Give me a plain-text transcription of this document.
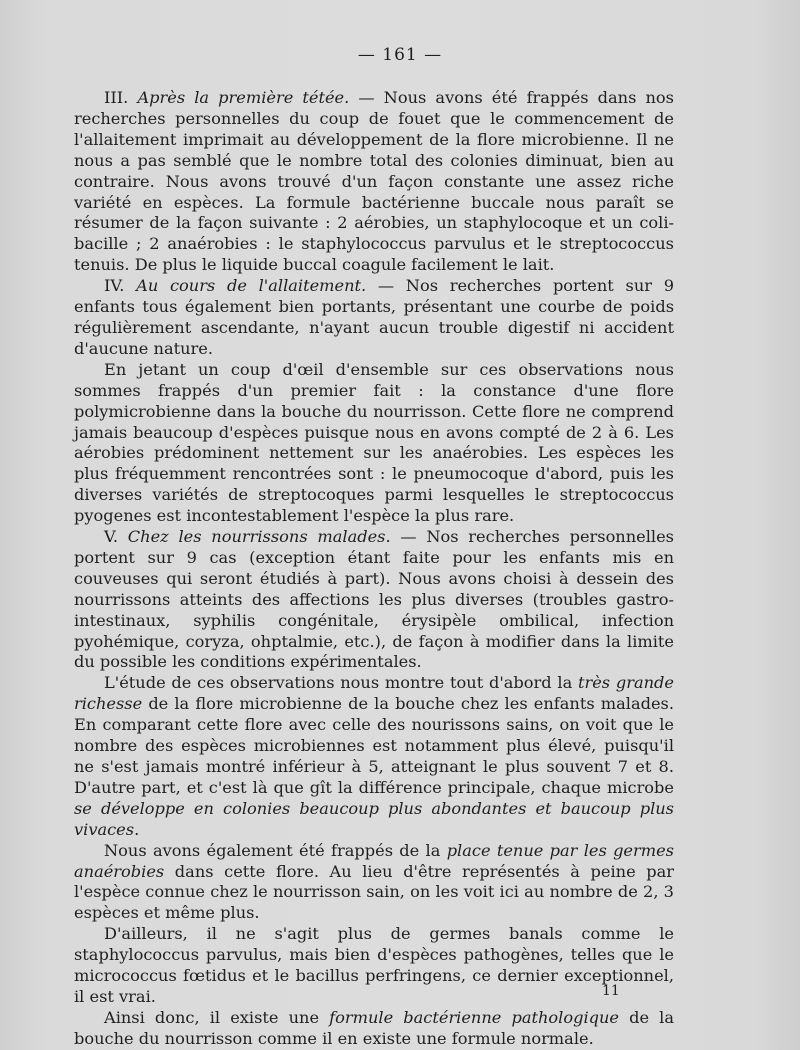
— 161 —

III. Après la première tétée. — Nous avons été frappés dans nos recherches personnelles du coup de fouet que le commencement de l'allaitement imprimait au développement de la flore microbienne. Il ne nous a pas semblé que le nombre total des colonies diminuat, bien au contraire. Nous avons trouvé d'un façon constante une assez riche variété en espèces. La formule bactérienne buccale nous paraît se résumer de la façon suivante : 2 aérobies, un staphylocoque et un coli-bacille ; 2 anaérobies : le staphylococcus parvulus et le streptococcus tenuis. De plus le liquide buccal coagule facilement le lait.

IV. Au cours de l'allaitement. — Nos recherches portent sur 9 enfants tous également bien portants, présentant une courbe de poids régulièrement ascendante, n'ayant aucun trouble digestif ni accident d'aucune nature.

En jetant un coup d'œil d'ensemble sur ces observations nous sommes frappés d'un premier fait : la constance d'une flore polymicrobienne dans la bouche du nourrisson. Cette flore ne comprend jamais beaucoup d'espèces puisque nous en avons compté de 2 à 6. Les aérobies prédominent nettement sur les anaérobies. Les espèces les plus fréquemment rencontrées sont : le pneumocoque d'abord, puis les diverses variétés de streptocoques parmi lesquelles le streptococcus pyogenes est incontestablement l'espèce la plus rare.

V. Chez les nourrissons malades. — Nos recherches personnelles portent sur 9 cas (exception étant faite pour les enfants mis en couveuses qui seront étudiés à part). Nous avons choisi à dessein des nourrissons atteints des affections les plus diverses (troubles gastro-intestinaux, syphilis congénitale, érysipèle ombilical, infection pyohémique, coryza, ohptalmie, etc.), de façon à modifier dans la limite du possible les conditions expérimentales.

L'étude de ces observations nous montre tout d'abord la très grande richesse de la flore microbienne de la bouche chez les enfants malades. En comparant cette flore avec celle des nourissons sains, on voit que le nombre des espèces microbiennes est notamment plus élevé, puisqu'il ne s'est jamais montré inférieur à 5, atteignant le plus souvent 7 et 8. D'autre part, et c'est là que gît la différence principale, chaque microbe se développe en colonies beaucoup plus abondantes et baucoup plus vivaces.

Nous avons également été frappés de la place tenue par les germes anaérobies dans cette flore. Au lieu d'être représentés à peine par l'espèce connue chez le nourrisson sain, on les voit ici au nombre de 2, 3 espèces et même plus.

D'ailleurs, il ne s'agit plus de germes banals comme le staphylococcus parvulus, mais bien d'espèces pathogènes, telles que le micrococcus fœtidus et le bacillus perfringens, ce dernier exceptionnel, il est vrai.

Ainsi donc, il existe une formule bactérienne pathologique de la bouche du nourrisson comme il en existe une formule normale.

11
